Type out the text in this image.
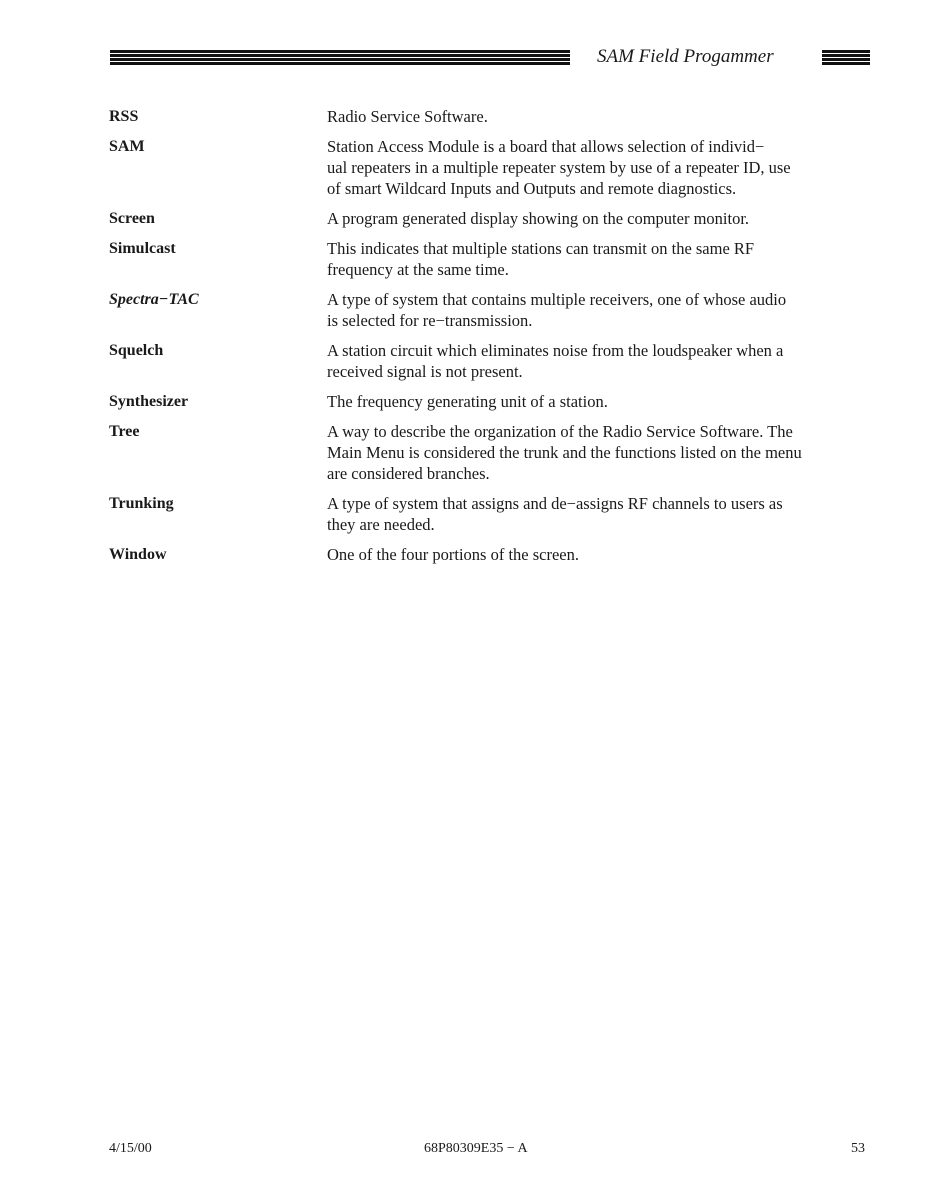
SAM Field Progammer
RSS	Radio Service Software.
SAM	Station Access Module is a board that allows selection of individ−
ual repeaters in a multiple repeater system by use of a repeater ID, use
of smart Wildcard Inputs and Outputs and remote diagnostics.
Screen	A program generated display showing on the computer monitor.
Simulcast	This indicates that multiple stations can transmit on the same RF
frequency at the same time.
Spectra−TAC	A type of system that contains multiple receivers, one of whose audio
is selected for re−transmission.
Squelch	A station circuit which eliminates noise from the loudspeaker when a
received signal is not present.
Synthesizer	The frequency generating unit of a station.
Tree	A way to describe the organization of the Radio Service Software. The
Main Menu is considered the trunk and the functions listed on the menu
are considered branches.
Trunking	A type of system that assigns and de−assigns RF channels to users as
they are needed.
Window	One of the four portions of the screen.
4/15/00	68P80309E35 − A	53
